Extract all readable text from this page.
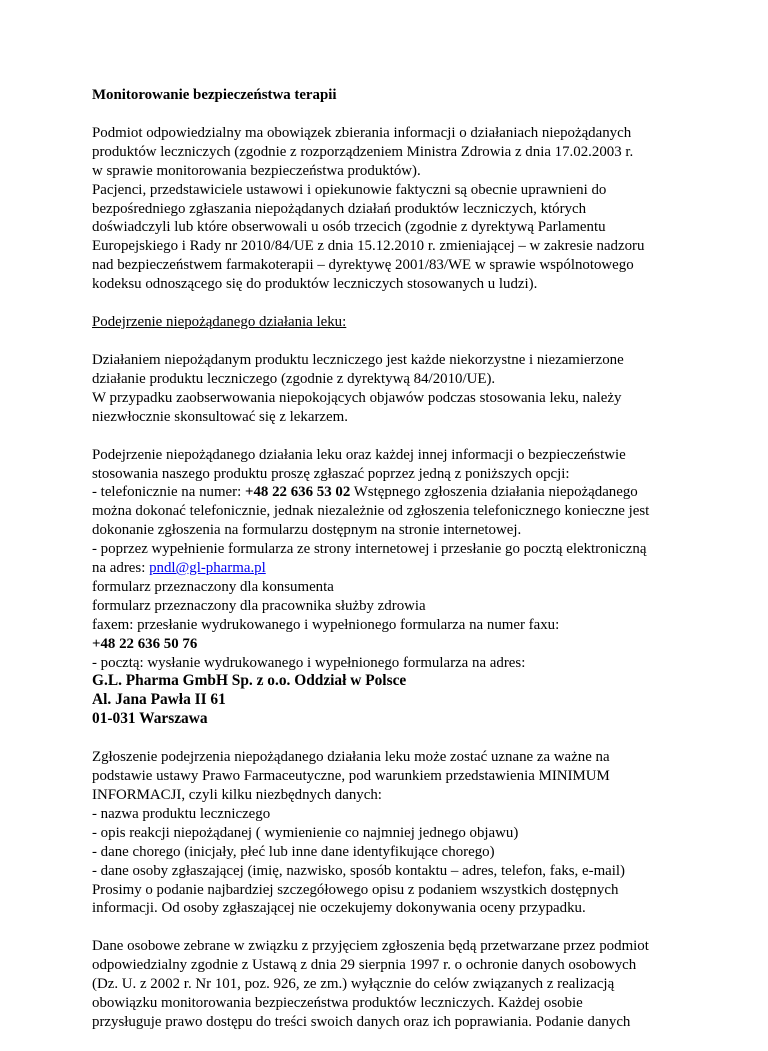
Monitorowanie bezpieczeństwa terapii
Podmiot odpowiedzialny ma obowiązek zbierania informacji o działaniach niepożądanych
produktów leczniczych (zgodnie z rozporządzeniem Ministra Zdrowia z dnia 17.02.2003 r.
w sprawie monitorowania bezpieczeństwa produktów).
Pacjenci, przedstawiciele ustawowi i opiekunowie faktyczni są obecnie uprawnieni do
bezpośredniego zgłaszania niepożądanych działań produktów leczniczych, których
doświadczyli lub które obserwowali u osób trzecich (zgodnie z dyrektywą Parlamentu
Europejskiego i Rady nr 2010/84/UE z dnia 15.12.2010 r. zmieniającej – w zakresie nadzoru
nad bezpieczeństwem farmakoterapii – dyrektywę 2001/83/WE w sprawie wspólnotowego
kodeksu odnoszącego się do produktów leczniczych stosowanych u ludzi).
Podejrzenie niepożądanego działania leku:
Działaniem niepożądanym produktu leczniczego jest każde niekorzystne i niezamierzone
działanie produktu leczniczego (zgodnie z dyrektywą 84/2010/UE).
W przypadku zaobserwowania niepokojących objawów podczas stosowania leku, należy
niezwłocznie skonsultować się z lekarzem.
Podejrzenie niepożądanego działania leku oraz każdej innej informacji o bezpieczeństwie
stosowania naszego produktu proszę zgłaszać poprzez jedną z poniższych opcji:
- telefonicznie na numer: +48 22 636 53 02 Wstępnego zgłoszenia działania niepożądanego
można dokonać telefonicznie, jednak niezależnie od zgłoszenia telefonicznego konieczne jest
dokonanie zgłoszenia na formularzu dostępnym na stronie internetowej.
- poprzez wypełnienie formularza ze strony internetowej i przesłanie go pocztą elektroniczną
na adres: pndl@gl-pharma.pl
formularz przeznaczony dla konsumenta
formularz przeznaczony dla pracownika służby zdrowia
faxem: przesłanie wydrukowanego i wypełnionego formularza na numer faxu:
+48 22 636 50 76
- pocztą: wysłanie wydrukowanego i wypełnionego formularza na adres:
G.L. Pharma GmbH Sp. z o.o. Oddział w Polsce
Al. Jana Pawła II 61
01-031 Warszawa
Zgłoszenie podejrzenia niepożądanego działania leku może zostać uznane za ważne na
podstawie ustawy Prawo Farmaceutyczne, pod warunkiem przedstawienia MINIMUM
INFORMACJI, czyli kilku niezbędnych danych:
- nazwa produktu leczniczego
- opis reakcji niepożądanej ( wymienienie co najmniej jednego objawu)
- dane chorego (inicjały, płeć lub inne dane identyfikujące chorego)
- dane osoby zgłaszającej (imię, nazwisko, sposób kontaktu – adres, telefon, faks, e-mail)
Prosimy o podanie najbardziej szczegółowego opisu z podaniem wszystkich dostępnych
informacji. Od osoby zgłaszającej nie oczekujemy dokonywania oceny przypadku.
Dane osobowe zebrane w związku z przyjęciem zgłoszenia będą przetwarzane przez podmiot
odpowiedzialny zgodnie z Ustawą z dnia 29 sierpnia 1997 r. o ochronie danych osobowych
(Dz. U. z 2002 r. Nr 101, poz. 926, ze zm.) wyłącznie do celów związanych z realizacją
obowiązku monitorowania bezpieczeństwa produktów leczniczych. Każdej osobie
przysługuje prawo dostępu do treści swoich danych oraz ich poprawiania. Podanie danych
